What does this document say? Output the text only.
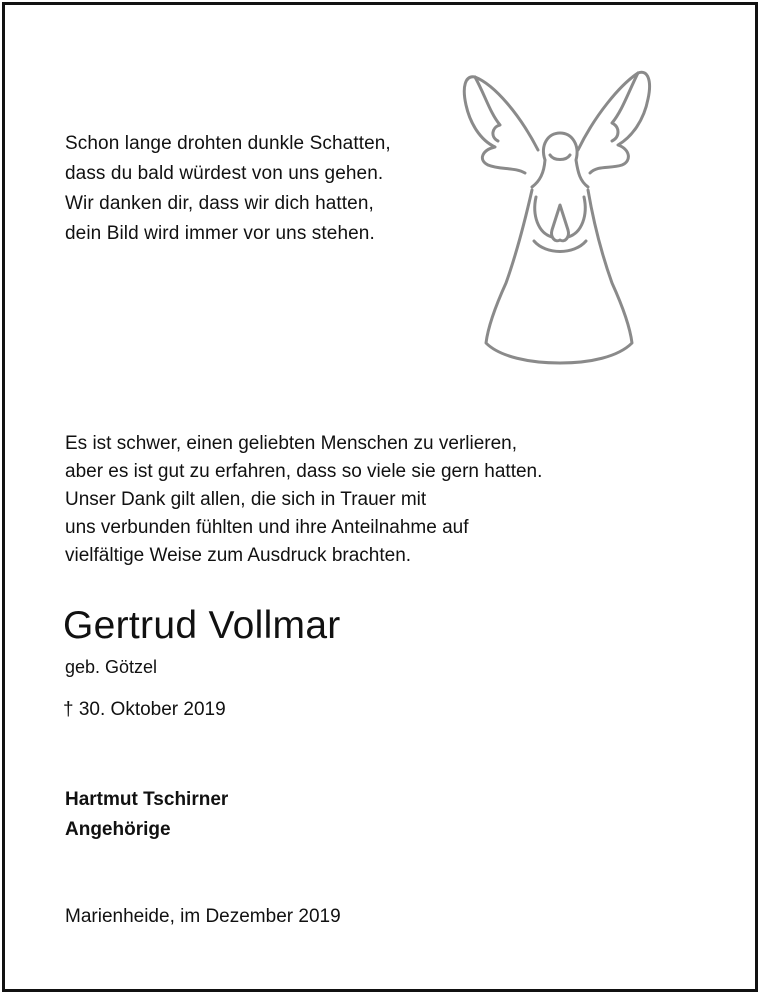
Schon lange drohten dunkle Schatten,
dass du bald würdest von uns gehen.
Wir danken dir, dass wir dich hatten,
dein Bild wird immer vor uns stehen.
Es ist schwer, einen geliebten Menschen zu verlieren,
aber es ist gut zu erfahren, dass so viele sie gern hatten.
Unser Dank gilt allen, die sich in Trauer mit
uns verbunden fühlten und ihre Anteilnahme auf
vielfältige Weise zum Ausdruck brachten.
Gertrud Vollmar
geb. Götzel
† 30. Oktober 2019
Hartmut Tschirner
Angehörige
Marienheide, im Dezember 2019
